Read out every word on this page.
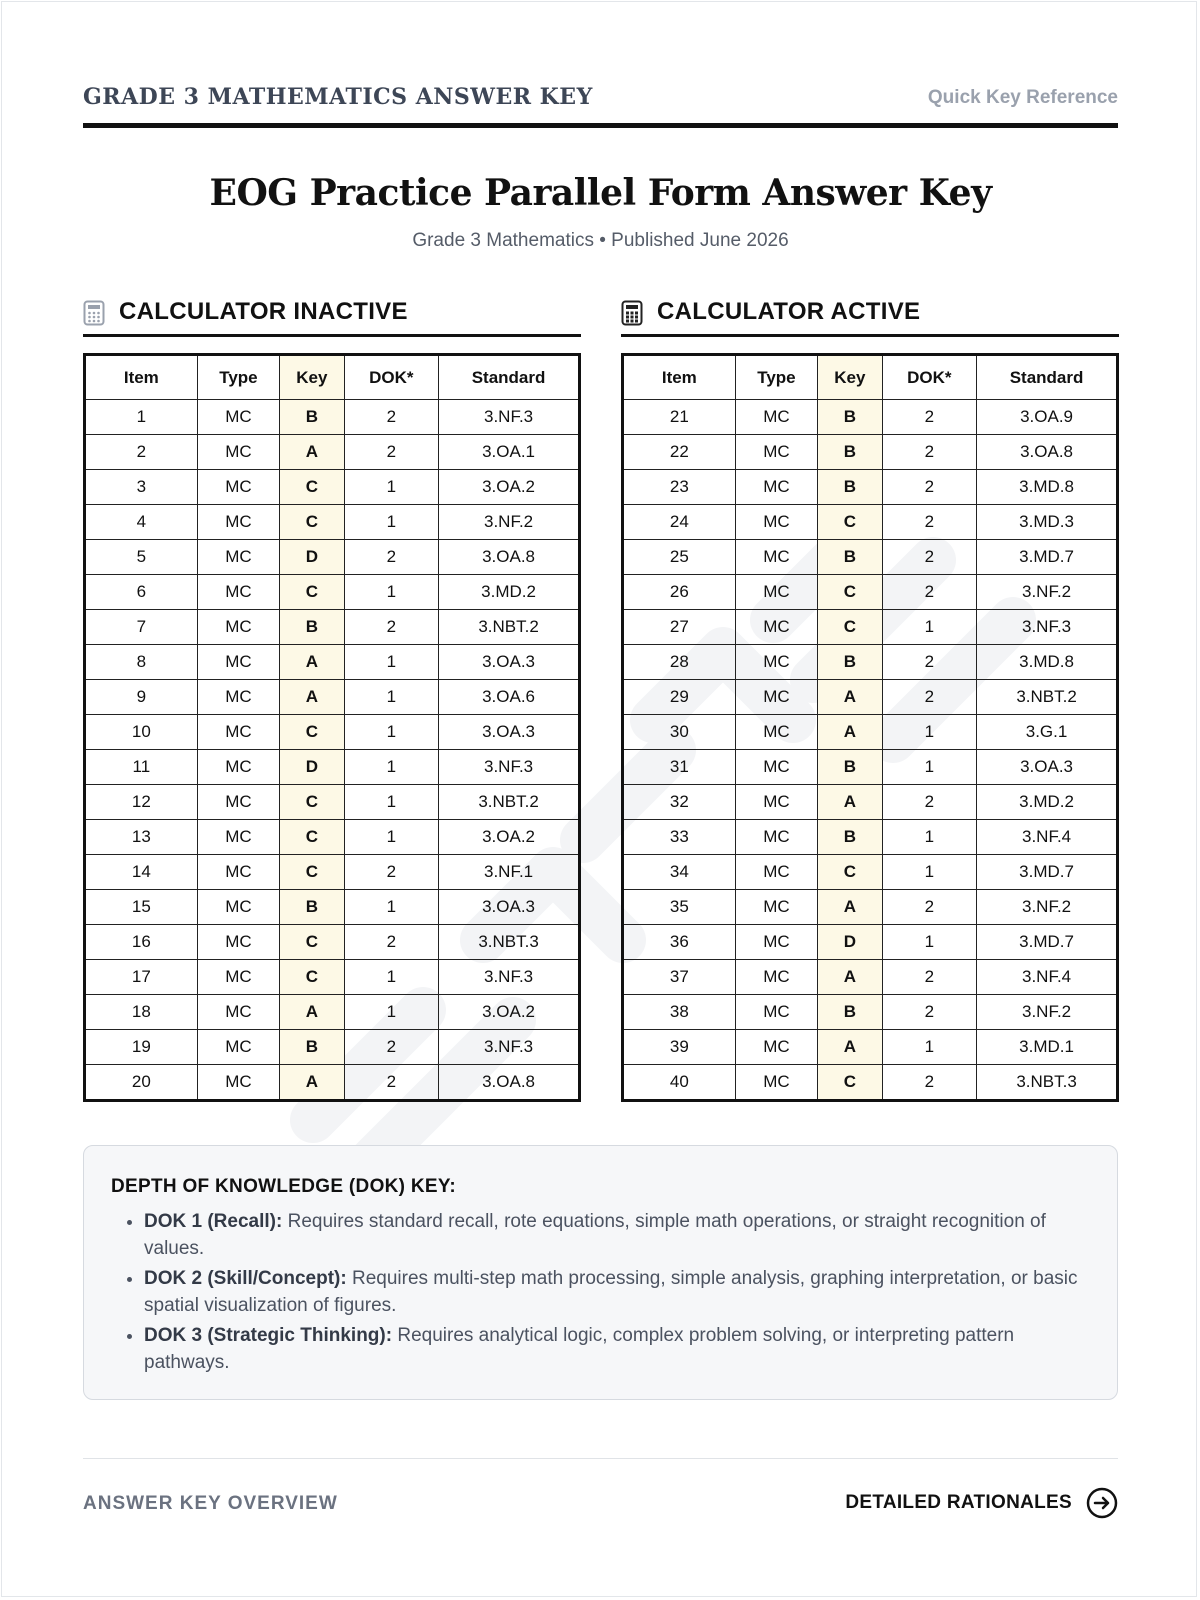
GRADE 3 MATHEMATICS ANSWER KEY	Quick Key Reference
EOG Practice Parallel Form Answer Key
Grade 3 Mathematics • Published June 2026
CALCULATOR INACTIVE
Item	Type	Key	DOK*	Standard
1	MC	B	2	3.NF.3
2	MC	A	2	3.OA.1
3	MC	C	1	3.OA.2
4	MC	C	1	3.NF.2
5	MC	D	2	3.OA.8
6	MC	C	1	3.MD.2
7	MC	B	2	3.NBT.2
8	MC	A	1	3.OA.3
9	MC	A	1	3.OA.6
10	MC	C	1	3.OA.3
11	MC	D	1	3.NF.3
12	MC	C	1	3.NBT.2
13	MC	C	1	3.OA.2
14	MC	C	2	3.NF.1
15	MC	B	1	3.OA.3
16	MC	C	2	3.NBT.3
17	MC	C	1	3.NF.3
18	MC	A	1	3.OA.2
19	MC	B	2	3.NF.3
20	MC	A	2	3.OA.8
CALCULATOR ACTIVE
Item	Type	Key	DOK*	Standard
21	MC	B	2	3.OA.9
22	MC	B	2	3.OA.8
23	MC	B	2	3.MD.8
24	MC	C	2	3.MD.3
25	MC	B	2	3.MD.7
26	MC	C	2	3.NF.2
27	MC	C	1	3.NF.3
28	MC	B	2	3.MD.8
29	MC	A	2	3.NBT.2
30	MC	A	1	3.G.1
31	MC	B	1	3.OA.3
32	MC	A	2	3.MD.2
33	MC	B	1	3.NF.4
34	MC	C	1	3.MD.7
35	MC	A	2	3.NF.2
36	MC	D	1	3.MD.7
37	MC	A	2	3.NF.4
38	MC	B	2	3.NF.2
39	MC	A	1	3.MD.1
40	MC	C	2	3.NBT.3
DEPTH OF KNOWLEDGE (DOK) KEY:
• DOK 1 (Recall): Requires standard recall, rote equations, simple math operations, or straight recognition of values.
• DOK 2 (Skill/Concept): Requires multi-step math processing, simple analysis, graphing interpretation, or basic spatial visualization of figures.
• DOK 3 (Strategic Thinking): Requires analytical logic, complex problem solving, or interpreting pattern pathways.
ANSWER KEY OVERVIEW	DETAILED RATIONALES
